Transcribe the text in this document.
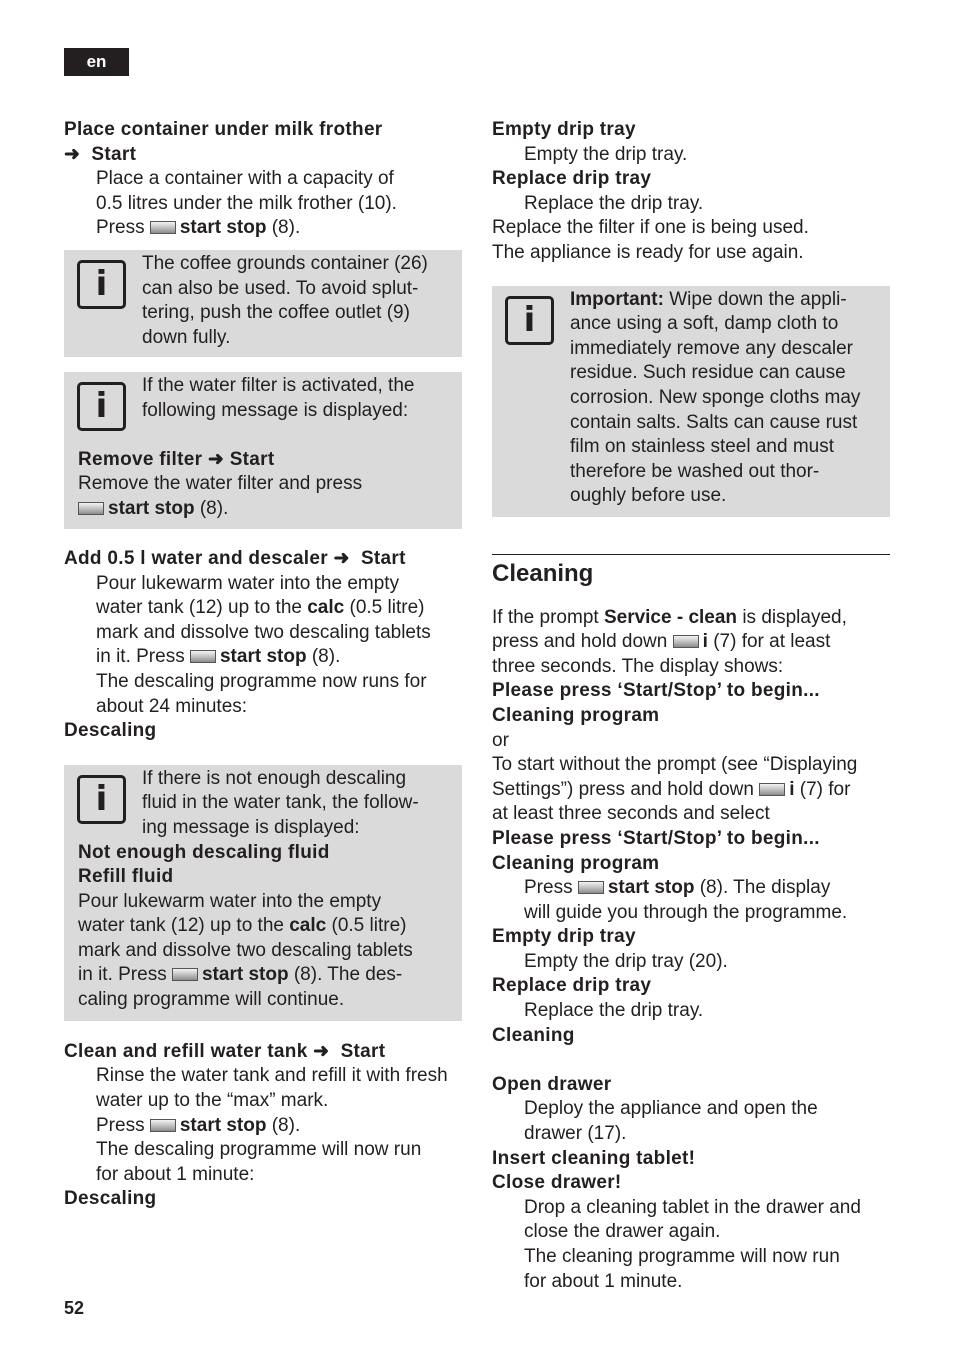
en
Place container under milk frother
➜ Start
Place a container with a capacity of
0.5 litres under the milk frother (10).
Press start stop (8).
i
The coffee grounds container (26)
can also be used. To avoid splut-
tering, push the coffee outlet (9)
down fully.
i
If the water filter is activated, the
following message is displayed:
Remove filter ➜ Start
Remove the water filter and press
start stop (8).
Add 0.5 l water and descaler ➜ Start
Pour lukewarm water into the empty
water tank (12) up to the calc (0.5 litre)
mark and dissolve two descaling tablets
in it. Press start stop (8).
The descaling programme now runs for
about 24 minutes:
Descaling
i
If there is not enough descaling
fluid in the water tank, the follow-
ing message is displayed:
Not enough descaling fluid
Refill fluid
Pour lukewarm water into the empty
water tank (12) up to the calc (0.5 litre)
mark and dissolve two descaling tablets
in it. Press start stop (8). The des-
caling programme will continue.
Clean and refill water tank ➜ Start
Rinse the water tank and refill it with fresh
water up to the “max” mark.
Press start stop (8).
The descaling programme will now run
for about 1 minute:
Descaling
Empty drip tray
Empty the drip tray.
Replace drip tray
Replace the drip tray.
Replace the filter if one is being used.
The appliance is ready for use again.
i
Important: Wipe down the appli-
ance using a soft, damp cloth to
immediately remove any descaler
residue. Such residue can cause
corrosion. New sponge cloths may
contain salts. Salts can cause rust
film on stainless steel and must
therefore be washed out thor-
oughly before use.
Cleaning
If the prompt Service - clean is displayed,
press and hold down i (7) for at least
three seconds. The display shows:
Please press ‘Start/Stop’ to begin...
Cleaning program
or
To start without the prompt (see “Displaying
Settings”) press and hold down i (7) for
at least three seconds and select
Please press ‘Start/Stop’ to begin...
Cleaning program
Press start stop (8). The display
will guide you through the programme.
Empty drip tray
Empty the drip tray (20).
Replace drip tray
Replace the drip tray.
Cleaning
Open drawer
Deploy the appliance and open the
drawer (17).
Insert cleaning tablet!
Close drawer!
Drop a cleaning tablet in the drawer and
close the drawer again.
The cleaning programme will now run
for about 1 minute.
52
